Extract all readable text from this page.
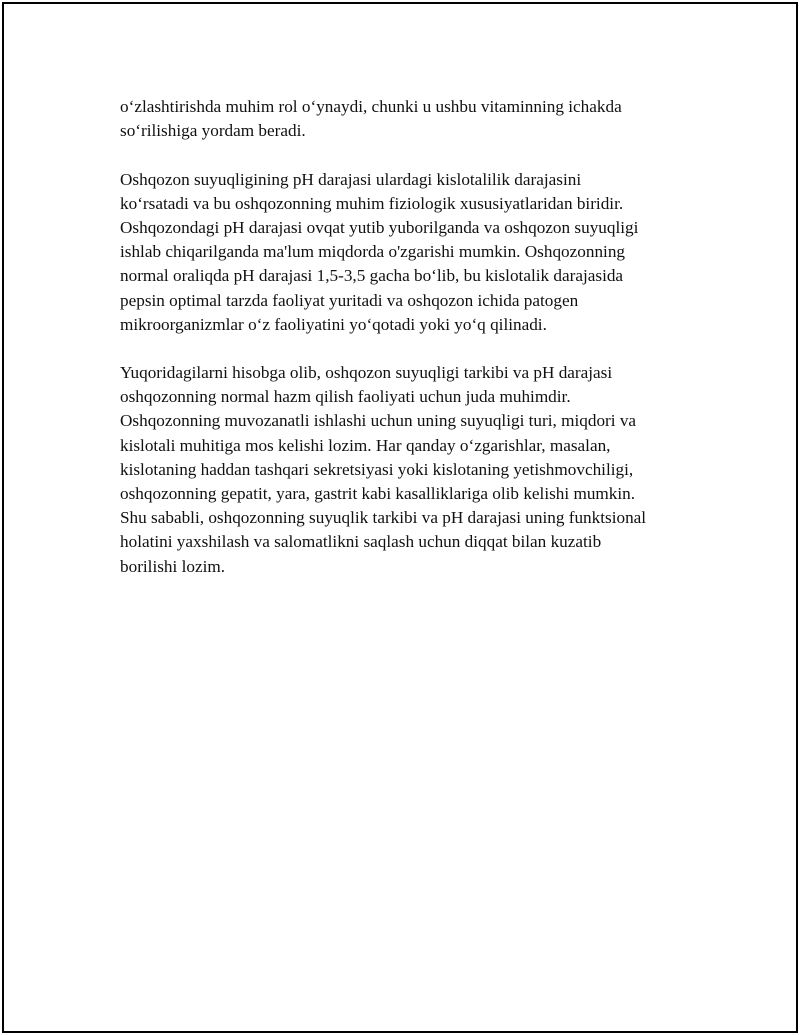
o‘zlashtirishda muhim rol o‘ynaydi, chunki u ushbu vitaminning ichakda
so‘rilishiga yordam beradi.

Oshqozon suyuqligining pH darajasi ulardagi kislotalilik darajasini
ko‘rsatadi va bu oshqozonning muhim fiziologik xususiyatlaridan biridir.
Oshqozondagi pH darajasi ovqat yutib yuborilganda va oshqozon suyuqligi
ishlab chiqarilganda ma'lum miqdorda o'zgarishi mumkin. Oshqozonning
normal oraliqda pH darajasi 1,5-3,5 gacha bo‘lib, bu kislotalik darajasida
pepsin optimal tarzda faoliyat yuritadi va oshqozon ichida patogen
mikroorganizmlar o‘z faoliyatini yo‘qotadi yoki yo‘q qilinadi.

Yuqoridagilarni hisobga olib, oshqozon suyuqligi tarkibi va pH darajasi
oshqozonning normal hazm qilish faoliyati uchun juda muhimdir.
Oshqozonning muvozanatli ishlashi uchun uning suyuqligi turi, miqdori va
kislotali muhitiga mos kelishi lozim. Har qanday o‘zgarishlar, masalan,
kislotaning haddan tashqari sekretsiyasi yoki kislotaning yetishmovchiligi,
oshqozonning gepatit, yara, gastrit kabi kasalliklariga olib kelishi mumkin.
Shu sababli, oshqozonning suyuqlik tarkibi va pH darajasi uning funktsional
holatini yaxshilash va salomatlikni saqlash uchun diqqat bilan kuzatib
borilishi lozim.
